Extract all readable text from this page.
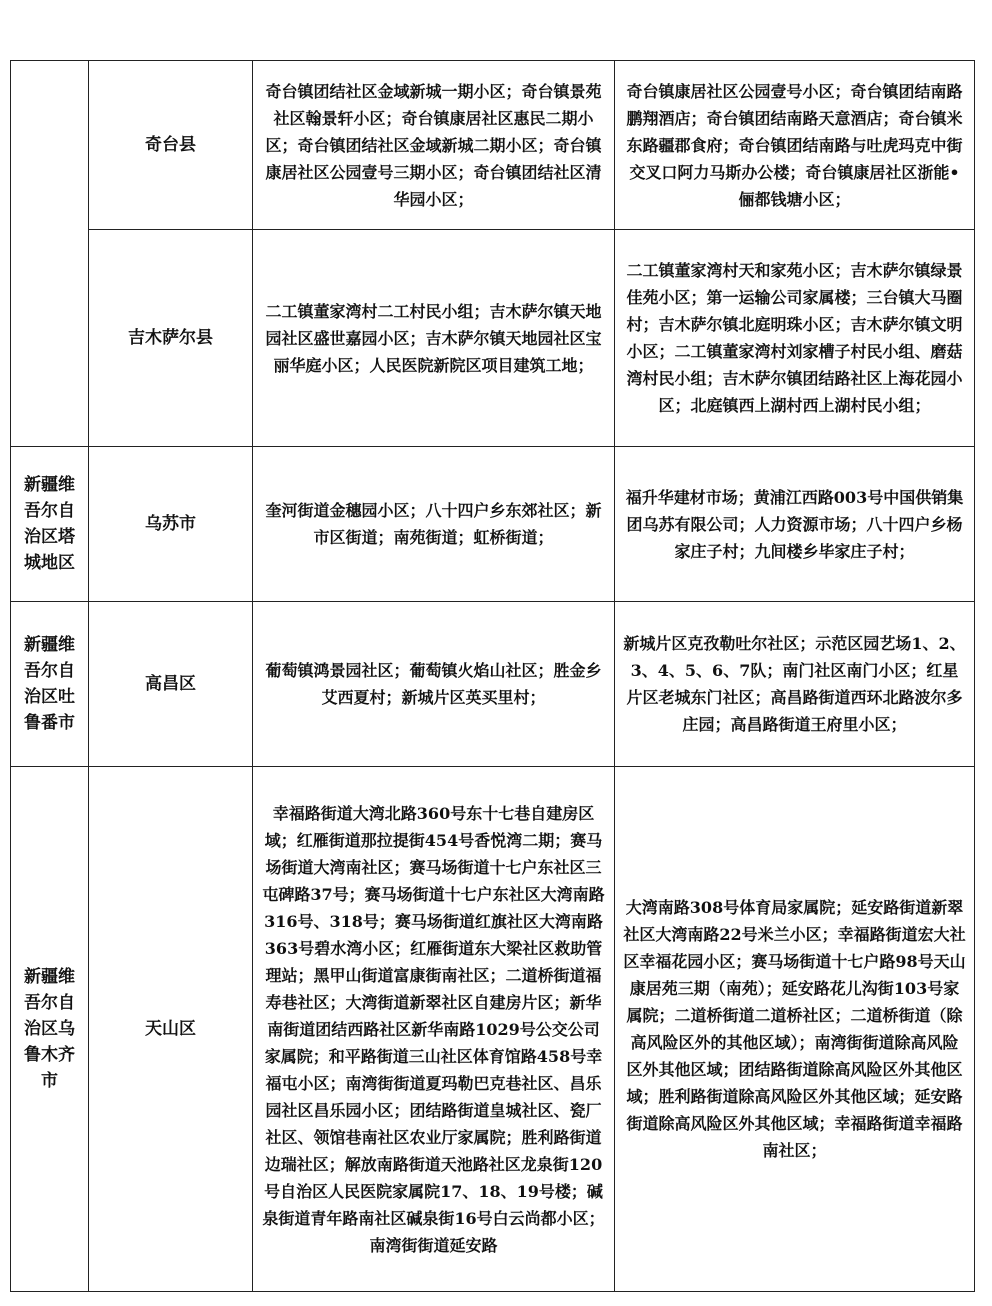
	奇台县	奇台镇团结社区金域新城一期小区；奇台镇景苑社区翰景轩小区；奇台镇康居社区惠民二期小区；奇台镇团结社区金域新城二期小区；奇台镇康居社区公园壹号三期小区；奇台镇团结社区清华园小区；	奇台镇康居社区公园壹号小区；奇台镇团结南路鹏翔酒店；奇台镇团结南路天意酒店；奇台镇米东路疆郡食府；奇台镇团结南路与吐虎玛克中街交叉口阿力马斯办公楼；奇台镇康居社区浙能•俪都钱塘小区；
	吉木萨尔县	二工镇董家湾村二工村民小组；吉木萨尔镇天地园社区盛世嘉园小区；吉木萨尔镇天地园社区宝丽华庭小区；人民医院新院区项目建筑工地；	二工镇董家湾村天和家苑小区；吉木萨尔镇绿景佳苑小区；第一运输公司家属楼；三台镇大马圈村；吉木萨尔镇北庭明珠小区；吉木萨尔镇文明小区；二工镇董家湾村刘家槽子村民小组、磨菇湾村民小组；吉木萨尔镇团结路社区上海花园小区；北庭镇西上湖村西上湖村民小组；
新疆维吾尔自治区塔城地区	乌苏市	奎河街道金穗园小区；八十四户乡东郊社区；新市区街道；南苑街道；虹桥街道；	福升华建材市场；黄浦江西路003号中国供销集团乌苏有限公司；人力资源市场；八十四户乡杨家庄子村；九间楼乡毕家庄子村；
新疆维吾尔自治区吐鲁番市	高昌区	葡萄镇鸿景园社区；葡萄镇火焰山社区；胜金乡艾西夏村；新城片区英买里村；	新城片区克孜勒吐尔社区；示范区园艺场1、2、3、4、5、6、7队；南门社区南门小区；红星片区老城东门社区；高昌路街道西环北路波尔多庄园；高昌路街道王府里小区；
新疆维吾尔自治区乌鲁木齐市	天山区	幸福路街道大湾北路360号东十七巷自建房区域；红雁街道那拉提街454号香悦湾二期；赛马场街道大湾南社区；赛马场街道十七户东社区三屯碑路37号；赛马场街道十七户东社区大湾南路316号、318号；赛马场街道红旗社区大湾南路363号碧水湾小区；红雁街道东大梁社区救助管理站；黑甲山街道富康街南社区；二道桥街道福寿巷社区；大湾街道新翠社区自建房片区；新华南街道团结西路社区新华南路1029号公交公司家属院；和平路街道三山社区体育馆路458号幸福屯小区；南湾街街道夏玛勒巴克巷社区、昌乐园社区昌乐园小区；团结路街道皇城社区、瓷厂社区、领馆巷南社区农业厅家属院；胜利路街道边瑞社区；解放南路街道天池路社区龙泉街120号自治区人民医院家属院17、18、19号楼；碱泉街道青年路南社区碱泉街16号白云尚都小区；南湾街街道延安路	大湾南路308号体育局家属院；延安路街道新翠社区大湾南路22号米兰小区；幸福路街道宏大社区幸福花园小区；赛马场街道十七户路98号天山康居苑三期（南苑）；延安路花儿沟街103号家属院；二道桥街道二道桥社区；二道桥街道（除高风险区外的其他区域）；南湾街街道除高风险区外其他区域；团结路街道除高风险区外其他区域；胜利路街道除高风险区外其他区域；延安路街道除高风险区外其他区域；幸福路街道幸福路南社区；
